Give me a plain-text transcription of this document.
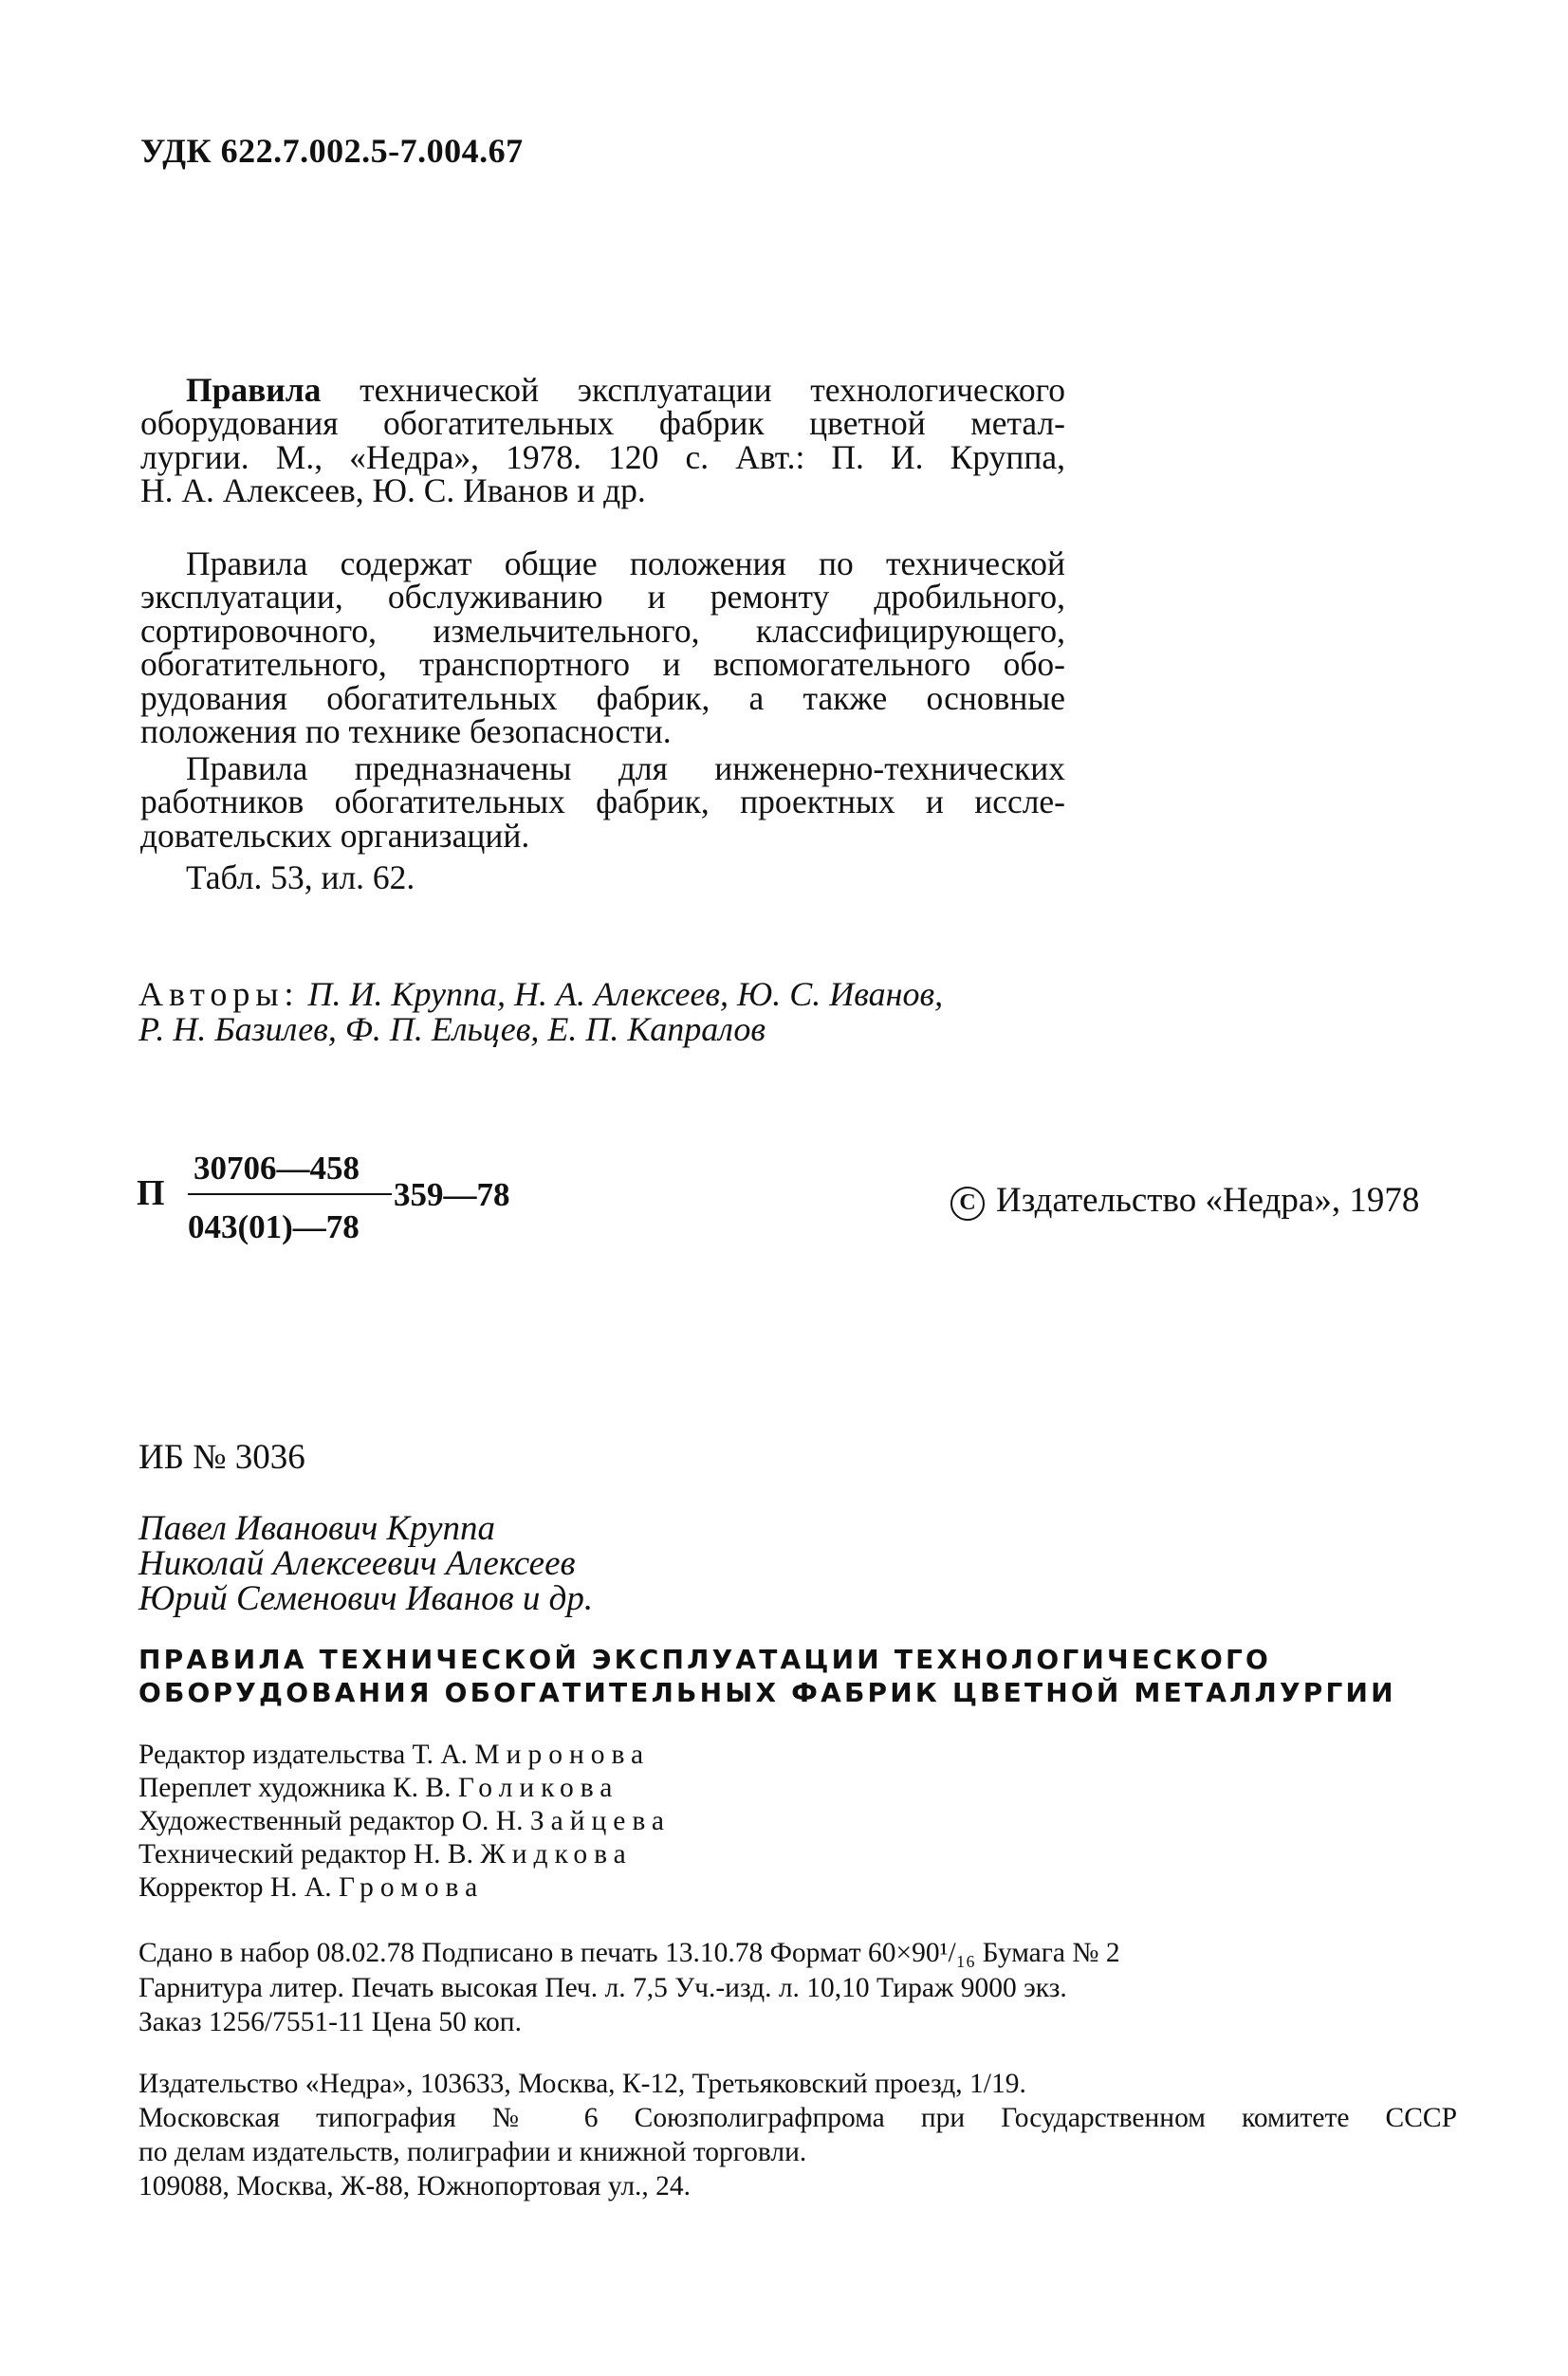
УДК 622.7.002.5-7.004.67
Правила технической эксплуатации технологического
оборудования обогатительных фабрик цветной метал-
лургии. М., «Недра», 1978. 120 с. Авт.: П. И. Круппа,
Н. А. Алексеев, Ю. С. Иванов и др.
Правила содержат общие положения по технической
эксплуатации, обслуживанию и ремонту дробильного,
сортировочного, измельчительного, классифицирующего,
обогатительного, транспортного и вспомогательного обо-
рудования обогатительных фабрик, а также основные
положения по технике безопасности.
Правила предназначены для инженерно-технических
работников обогатительных фабрик, проектных и иссле-
довательских организаций.
Табл. 53, ил. 62.
Авторы: П. И. Круппа, Н. А. Алексеев, Ю. С. Иванов,
Р. Н. Базилев, Ф. П. Ельцев, Е. П. Капралов
П
30706—458
043(01)—78
359—78	C Издательство «Недра», 1978
ИБ № 3036
Павел Иванович Круппа
Николай Алексеевич Алексеев
Юрий Семенович Иванов и др.
ПРАВИЛА ТЕХНИЧЕСКОЙ ЭКСПЛУАТАЦИИ ТЕХНОЛОГИЧЕСКОГО
ОБОРУДОВАНИЯ ОБОГАТИТЕЛЬНЫХ ФАБРИК ЦВЕТНОЙ МЕТАЛЛУРГИИ
Редактор издательства Т. А. Миронова
Переплет художника К. В. Голикова
Художественный редактор О. Н. Зайцева
Технический редактор Н. В. Жидкова
Корректор Н. А. Громова
Сдано в набор 08.02.78 Подписано в печать 13.10.78 Формат 60×90¹/₁₆ Бумага № 2
Гарнитура литер. Печать высокая Печ. л. 7,5 Уч.-изд. л. 10,10 Тираж 9000 экз.
Заказ 1256/7551-11 Цена 50 коп.
Издательство «Недра», 103633, Москва, К-12, Третьяковский проезд, 1/19.
Московская типография № 6 Союзполиграфпрома при Государственном комитете СССР
по делам издательств, полиграфии и книжной торговли.
109088, Москва, Ж-88, Южнопортовая ул., 24.
